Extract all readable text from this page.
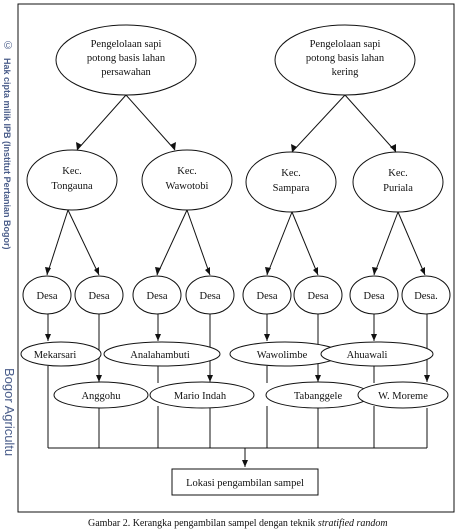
Pengelolaan sapi
potong basis lahan
persawahan
Pengelolaan sapi
potong basis lahan
kering
Kec.
Tongauna
Kec.
Wawotobi
Kec.
Sampara
Kec.
Puriala
Desa	Desa	Desa	Desa	Desa	Desa	Desa	Desa.
Mekarsari	Analahambuti	Wawolimbe	Ahuawali
Anggohu	Mario Indah	Tabanggele	W. Moreme
Lokasi pengambilan sampel
©
Hak cipta milik IPB (Institut Pertanian Bogor)
Bogor Agricultu
Gambar 2. Kerangka pengambilan sampel dengan teknik stratified random
